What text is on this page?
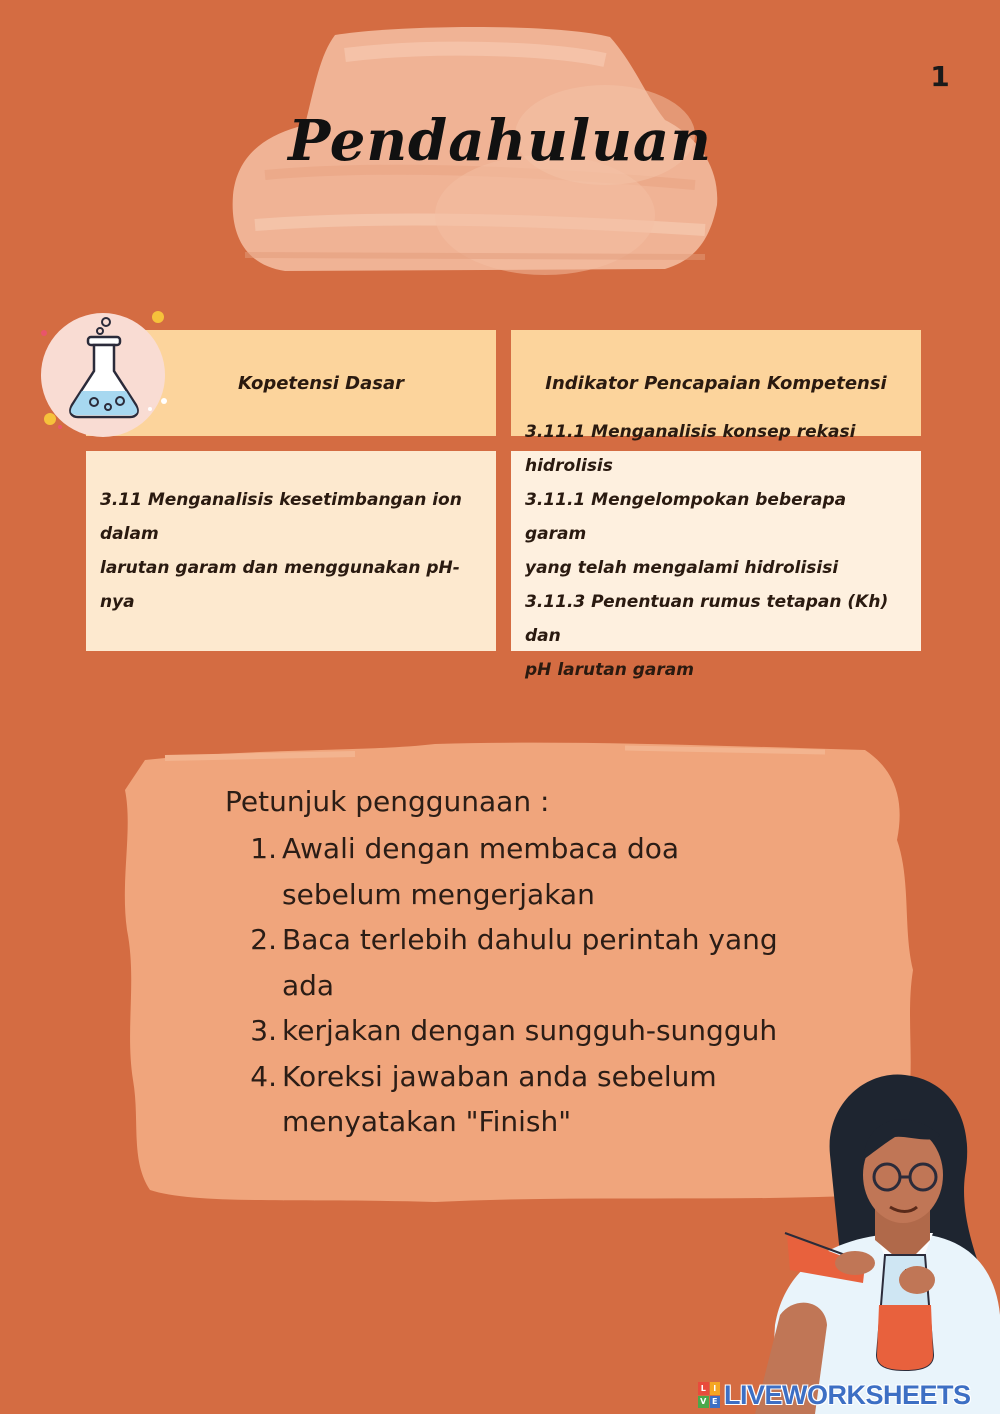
1
Pendahuluan
Kopetensi Dasar	Indikator Pencapaian Kompetensi
3.11 Menganalisis kesetimbangan ion dalam
larutan garam dan menggunakan pH-nya
3.11.1 Menganalisis konsep rekasi hidrolisis
3.11.1 Mengelompokan beberapa garam
yang telah mengalami hidrolisisi
3.11.3 Penentuan rumus tetapan (Kh) dan
pH larutan garam
Petunjuk penggunaan :
1. Awali dengan membaca doa
sebelum mengerjakan
2. Baca terlebih dahulu perintah yang
ada
3. kerjakan dengan sungguh-sungguh
4. Koreksi jawaban anda sebelum
menyatakan "Finish"
L I
V E LIVEWORKSHEETS
